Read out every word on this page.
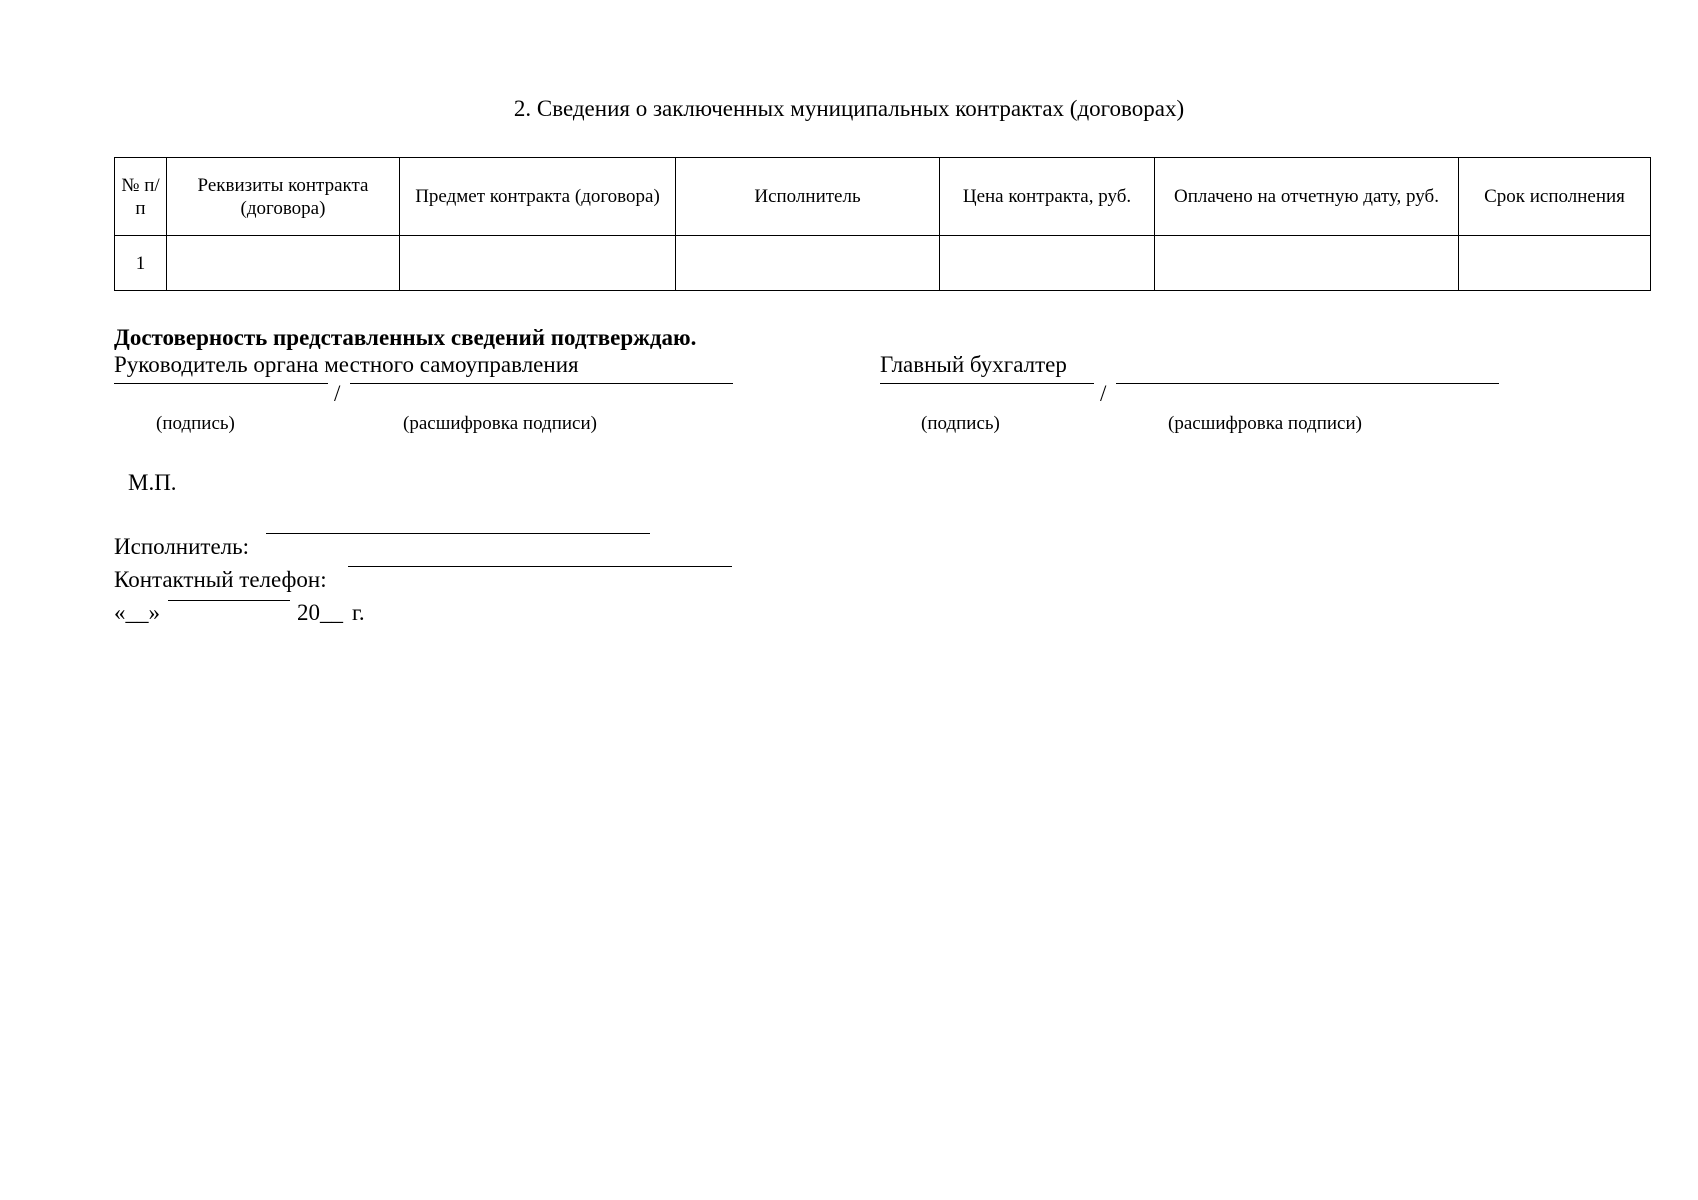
2. Сведения о заключенных муниципальных контрактах (договорах)
№ п/п	Реквизиты контракта (договора)	Предмет контракта (договора)	Исполнитель	Цена контракта, руб.	Оплачено на отчетную дату, руб.	Срок исполнения
1						
Достоверность представленных сведений подтверждаю.
Руководитель органа местного самоуправления	Главный бухгалтер
/
(подпись)	(расшифровка подписи)
/
(подпись)	(расшифровка подписи)
М.П.
Исполнитель:
Контактный телефон:
«__»	20__ г.
